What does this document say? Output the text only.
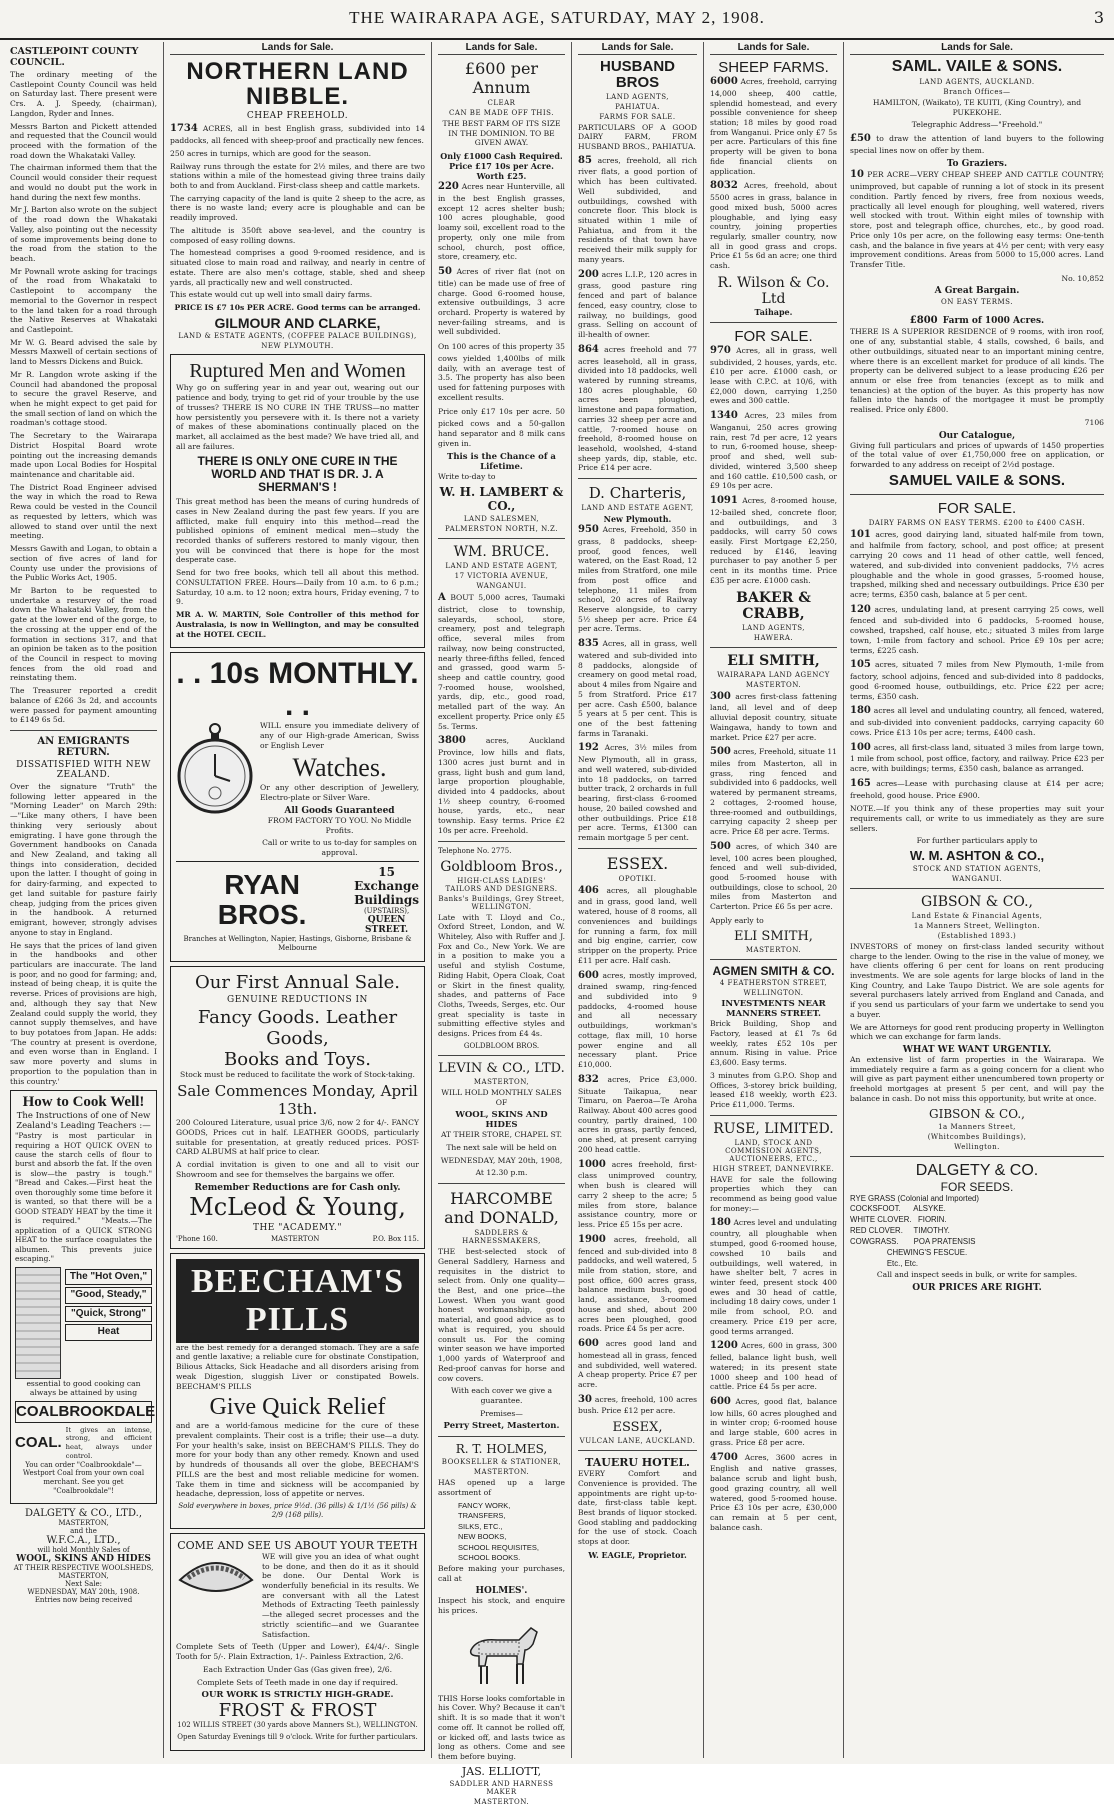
THE WAIRARAPA AGE, SATURDAY, MAY 2, 1908.	3
CASTLEPOINT COUNTY COUNCIL.
The ordinary meeting of the Castlepoint County Council was held on Saturday last. There present were Crs. A. J. Speedy, (chairman), Langdon, Ryder and Innes.
Messrs Barton and Pickett attended and requested that the Council would proceed with the formation of the road down the Whakataki Valley.
The chairman informed them that the Council would consider their request and would no doubt put the work in hand during the next few months.
Mr J. Barton also wrote on the subject of the road down the Whakataki Valley, also pointing out the necessity of some improvements being done to the road from the station to the beach.
Mr Pownall wrote asking for tracings of the road from Whakataki to Castlepoint to accompany the memorial to the Governor in respect to the land taken for a road through the Native Reserves at Whakataki and Castlepoint.
Mr W. G. Beard advised the sale by Messrs Maxwell of certain sections of land to Messrs Dickens and Buick.
Mr R. Langdon wrote asking if the Council had abandoned the proposal to secure the gravel Reserve, and when he might expect to get paid for the small section of land on which the roadman's cottage stood.
The Secretary to the Wairarapa District Hospital Board wrote pointing out the increasing demands made upon Local Bodies for Hospital maintenance and charitable aid.
The District Road Engineer advised the way in which the road to Rewa Rewa could be vested in the Council as requested by letters, which was allowed to stand over until the next meeting.
Messrs Gawith and Logan, to obtain a section of five acres of land for County use under the provisions of the Public Works Act, 1905.
Mr Barton to be requested to undertake a resurvey of the road down the Whakataki Valley, from the gate at the lower end of the gorge, to the crossing at the upper end of the formation in sections 317, and that an opinion be taken as to the position of the Council in respect to moving fences from the old road and reinstating them.
The Treasurer reported a credit balance of £266 3s 2d, and accounts were passed for payment amounting to £149 6s 5d.
AN EMIGRANTS RETURN.
DISSATISFIED WITH NEW ZEALAND.
Over the signature "Truth" the following letter appeared in the "Morning Leader" on March 29th:—"Like many others, I have been thinking very seriously about emigrating. I have gone through the Government handbooks on Canada and New Zealand, and taking all things into consideration, decided upon the latter. I thought of going in for dairy-farming, and expected to get land suitable for pasture fairly cheap, judging from the prices given in the handbook. A returned emigrant, however, strongly advises anyone to stay in England.
He says that the prices of land given in the handbooks and other particulars are inaccurate. The land is poor, and no good for farming; and, instead of being cheap, it is quite the reverse. Prices of provisions are high, and, although they say that New Zealand could supply the world, they cannot supply themselves, and have to buy potatoes from Japan. He adds: 'The country at present is overdone, and even worse than in England. I saw more poverty and slums in proportion to the population than in this country.'
How to Cook Well!
The Instructions of one of New Zealand's Leading Teachers :—
"Pastry is most particular in requiring a HOT QUICK OVEN to cause the starch cells of flour to burst and absorb the fat. If the oven is slow—the pastry is tough." "Bread and Cakes.—First heat the oven thoroughly some time before it is wanted, so that there will be a GOOD STEADY HEAT by the time it is required." "Meats.—The application of a QUICK STRONG HEAT to the surface coagulates the albumen. This prevents juice escaping."
The "Hot Oven,"
"Good, Steady,"
"Quick, Strong"
Heat
essential to good cooking can always be attained by using
COALBROOKDALE
COAL.
It gives an intense, strong, and efficient heat, always under control.
You can order "Coalbrookdale"—Westport Coal from your own coal merchant. See you get "Coalbrookdale"!
DALGETY & CO., LTD.,
MASTERTON,
and the
W.F.C.A., LTD.,
will hold Monthly Sales of
WOOL, SKINS AND HIDES
AT THEIR RESPECTIVE WOOLSHEDS, MASTERTON,
Next Sale:
WEDNESDAY, MAY 20th, 1908.
Entries now being received
Lands for Sale.
NORTHERN LAND NIBBLE.
CHEAP FREEHOLD.
1734 ACRES, all in best English grass, subdivided into 14 paddocks, all fenced with sheep-proof and practically new fences.
250 acres in turnips, which are good for the season.
Railway runs through the estate for 2½ miles, and there are two stations within a mile of the homestead giving three trains daily both to and from Auckland. First-class sheep and cattle markets.
The carrying capacity of the land is quite 2 sheep to the acre, as there is no waste land; every acre is ploughable and can be readily improved.
The altitude is 350ft above sea-level, and the country is composed of easy rolling downs.
The homestead comprises a good 9-roomed residence, and is situated close to main road and railway, and nearly in centre of estate. There are also men's cottage, stable, shed and sheep yards, all practically new and well constructed.
This estate would cut up well into small dairy farms.
PRICE IS £7 10s PER ACRE. Good terms can be arranged.
GILMOUR AND CLARKE,
LAND & ESTATE AGENTS, (COFFEE PALACE BUILDINGS),
NEW PLYMOUTH.
Ruptured Men and Women
Why go on suffering year in and year out, wearing out our patience and body, trying to get rid of your trouble by the use of trusses? THERE IS NO CURE IN THE TRUSS—no matter how persistently you persevere with it. Is there not a variety of makes of these abominations continually placed on the market, all acclaimed as the best made? We have tried all, and all are failures.
THERE IS ONLY ONE CURE IN THE WORLD AND THAT IS DR. J. A SHERMAN'S !
This great method has been the means of curing hundreds of cases in New Zealand during the past few years. If you are afflicted, make full enquiry into this method—read the published opinions of eminent medical men—study the recorded thanks of sufferers restored to manly vigour, then you will be convinced that there is hope for the most desperate case.
Send for two free books, which tell all about this method. CONSULTATION FREE. Hours—Daily from 10 a.m. to 6 p.m.; Saturday, 10 a.m. to 12 noon; extra hours, Friday evening, 7 to 9.
MR A. W. MARTIN, Sole Controller of this method for Australasia, is now in Wellington, and may be consulted at the HOTEL CECIL.
. . 10s MONTHLY. . .
WILL ensure you immediate delivery of any of our High-grade American, Swiss or English Lever
Watches.
Or any other description of Jewellery, Electro-plate or Silver Ware.
All Goods Guaranteed
FROM FACTORY TO YOU. No Middle Profits.
Call or write to us to-day for samples on approval.
RYAN BROS.
15 Exchange Buildings
(UPSTAIRS),
QUEEN STREET.
Branches at Wellington, Napier, Hastings, Gisborne, Brisbane & Melbourne
Our First Annual Sale.
GENUINE REDUCTIONS IN
Fancy Goods. Leather Goods,
Books and Toys.
Stock must be reduced to facilitate the work of Stock-taking.
Sale Commences Monday, April 13th.
200 Coloured Literature, usual price 3/6, now 2 for 4/-. FANCY GOODS, Prices cut in half. LEATHER GOODS, particularly suitable for presentation, at greatly reduced prices. POST-CARD ALBUMS at half price to clear.
A cordial invitation is given to one and all to visit our Showroom and see for themselves the bargains we offer.
Remember Reductions are for Cash only.
McLeod & Young,
THE "ACADEMY."
'Phone 160.	MASTERTON	P.O. Box 115.
BEECHAM'S PILLS
are the best remedy for a deranged stomach. They are a safe and gentle laxative; a reliable cure for obstinate Constipation, Bilious Attacks, Sick Headache and all disorders arising from weak Digestion, sluggish Liver or constipated Bowels. BEECHAM'S PILLS
Give Quick Relief
and are a world-famous medicine for the cure of these prevalent complaints. Their cost is a trifle; their use—a duty. For your health's sake, insist on BEECHAM'S PILLS. They do more for your body than any other remedy. Known and used by hundreds of thousands all over the globe, BEECHAM'S PILLS are the best and most reliable medicine for women. Take them in time and sickness will be accompanied by headache, depression, loss of appetite or nerves.
Sold everywhere in boxes, price 9½d. (36 pills) & 1/1½ (56 pills) & 2/9 (168 pills).
COME AND SEE US ABOUT YOUR TEETH
WE will give you an idea of what ought to be done, and then do it as it should be done. Our Dental Work is wonderfully beneficial in its results. We are conversant with all the Latest Methods of Extracting Teeth painlessly—the alleged secret processes and the strictly scientific—and we Guarantee Satisfaction.
Complete Sets of Teeth (Upper and Lower), £4/4/-. Single Tooth for 5/-. Plain Extraction, 1/-. Painless Extraction, 2/6.
Each Extraction Under Gas (Gas given free), 2/6.
Complete Sets of Teeth made in one day if required.
OUR WORK IS STRICTLY HIGH-GRADE.
FROST & FROST
102 WILLIS STREET (30 yards above Manners St.), WELLINGTON.
Open Saturday Evenings till 9 o'clock. Write for further particulars.
Lands for Sale.
£600 per Annum
CLEAR
CAN BE MADE OFF THIS.
THE BEST FARM OF ITS SIZE IN THE DOMINION. TO BE GIVEN AWAY.
Only £1000 Cash Required.
Price £17 10s per Acre. Worth £25.
220 Acres near Hunterville, all in the best English grasses, except 12 acres shelter bush; 100 acres ploughable, good loamy soil, excellent road to the property, only one mile from school, church, post office, store, creamery, etc.
50 Acres of river flat (not on title) can be made use of free of charge. Good 6-roomed house, extensive outbuildings, 3 acre orchard. Property is watered by never-failing streams, and is well subdivided.
On 100 acres of this property 35 cows yielded 1,400lbs of milk daily, with an average test of 3.5. The property has also been used for fattening purposes with excellent results.
Price only £17 10s per acre. 50 picked cows and a 50-gallon hand separator and 8 milk cans given in.
This is the Chance of a Lifetime.
Write to-day to
W. H. LAMBERT & CO.,
LAND SALESMEN,
PALMERSTON NORTH, N.Z.
WM. BRUCE.
LAND AND ESTATE AGENT,
17 VICTORIA AVENUE,
WANGANUI.
A BOUT 5,000 acres, Taumaki district, close to township, saleyards, school, store, creamery, post and telegraph office, several miles from railway, now being constructed, nearly three-fifths felled, fenced and grassed, good warm 5-sheep and cattle country, good 7-roomed house, woolshed, yards, dip, etc., good road, metalled part of the way. An excellent property. Price only £5 5s. Terms.
3800	acres, Auckland Province, low hills and flats, 1300 acres just burnt and in grass, light bush and gum land, large proportion ploughable, divided into 4 paddocks, about 1½ sheep country, 6-roomed house, yards, etc., near township. Easy terms. Price £2 10s per acre. Freehold.
Telephone No. 2775.
Goldbloom Bros.,
HIGH-CLASS LADIES' TAILORS AND DESIGNERS.
Banks's Buildings, Grey Street, WELLINGTON.
Late with T. Lloyd and Co., Oxford Street, London, and W. Whiteley, Also with Ruffer and J. Fox and Co., New York. We are in a position to make you a useful and stylish Costume, Riding Habit, Opera Cloak, Coat or Skirt in the finest quality, shades, and patterns of Face Cloths, Tweeds, Serges, etc. Our great speciality is taste in submitting effective styles and designs. Prices from £4 4s.
GOLDBLOOM BROS.
LEVIN & CO., LTD.
MASTERTON,
WILL HOLD MONTHLY SALES OF
WOOL, SKINS AND HIDES
AT THEIR STORE, CHAPEL ST.
The next sale will be held on
WEDNESDAY, MAY 20th, 1908,
At 12.30 p.m.
HARCOMBE
and DONALD,
SADDLERS & HARNESSMAKERS,
THE best-selected stock of General Saddlery, Harness and requisites in the district to select from. Only one quality—the Best, and one price—the Lowest. When you want good honest workmanship, good material, and good advice as to what is required, you should consult us. For the coming winter season we have imported 1,000 yards of Waterproof and Red-proof canvas for horse and cow covers.
With each cover we give a guarantee.
Premises—
Perry Street, Masterton.
R. T. HOLMES,
BOOKSELLER & STATIONER,
MASTERTON.
HAS opened up a large assortment of
FANCY WORK,
TRANSFERS,
SILKS, ETC.,
NEW BOOKS,
SCHOOL REQUISITES,
SCHOOL BOOKS.
Before making your purchases, call at
HOLMES'.
Inspect his stock, and enquire his prices.
THIS Horse looks comfortable in his Cover. Why? Because it can't shift. It is so made that it won't come off. It cannot be rolled off, or kicked off, and lasts twice as long as others. Come and see them before buying.
JAS. ELLIOTT,
SADDLER AND HARNESS MAKER
MASTERTON.
Lands for Sale.
HUSBAND BROS
LAND AGENTS,
PAHIATUA.
FARMS FOR SALE.
PARTICULARS OF A GOOD DAIRY FARM, FROM HUSBAND BROS., PAHIATUA.
85 acres, freehold, all rich river flats, a good portion of which has been cultivated. Well subdivided, and outbuildings, cowshed with concrete floor. This block is situated within 1 mile of Pahiatua, and from it the residents of that town have received their milk supply for many years.
200 acres L.I.P., 120 acres in grass, good pasture ring fenced and part of balance fenced, easy country, close to railway, no buildings, good grass. Selling on account of ill-health of owner.
864 acres freehold and 77 acres leasehold, all in grass, divided into 18 paddocks, well watered by running streams, 180 acres ploughable, 60 acres been ploughed, limestone and papa formation, carries 32 sheep per acre and cattle, 7-roomed house on freehold, 8-roomed house on leasehold, woolshed, 4-stand sheep yards, dip, stable, etc. Price £14 per acre.
D. Charteris,
LAND AND ESTATE AGENT,
New Plymouth.
950 Acres, Freehold, 350 in grass, 8 paddocks, sheep-proof, good fences, well watered, on the East Road, 12 miles from Stratford, one mile from post office and telephone, 11 miles from school, 20 acres of Railway Reserve alongside, to carry 5½ sheep per acre. Price £4 per acre. Terms.
835 Acres, all in grass, well watered and sub-divided into 8 paddocks, alongside of creamery on good metal road, about 4 miles from Ngaire and 5 from Stratford. Price £17 per acre. Cash £500, balance 5 years at 5 per cent. This is one of the best fattening farms in Taranaki.
192 Acres, 3½ miles from New Plymouth, all in grass, and well watered, sub-divided into 18 paddocks, on tarred butter track, 2 orchards in full bearing, first-class 6-roomed house, 20 bailed cowshed and other outbuildings. Price £18 per acre. Terms, £1300 can remain mortgage 5 per cent.
ESSEX.
OPOTIKI.
406 acres, all ploughable and in grass, good land, well watered, house of 8 rooms, all conveniences and buildings for running a farm, fox mill and big engine, carrier, cow stripper on the property. Price £11 per acre. Half cash.
600 acres, mostly improved, drained swamp, ring-fenced and subdivided into 9 paddocks, 4-roomed house and all necessary outbuildings, workman's cottage, flax mill, 10 horse power engine and all necessary plant. Price £10,000.
832 acres, Price £3,000. Situate Taikapua, near Timaru, on Paeroa—Te Aroha Railway. About 400 acres good country, partly drained, 100 acres in grass, partly fenced, one shed, at present carrying 200 head cattle.
1000 acres freehold, first-class unimproved country, when bush is cleared will carry 2 sheep to the acre; 5 miles from store, balance assistance country, more or less. Price £5 15s per acre.
1900 acres, freehold, all fenced and sub-divided into 8 paddocks, and well watered, 5 mile from station, store, and post office, 600 acres grass, balance medium bush, good land, assistance, 3-roomed house and shed, about 200 acres been ploughed, good roads. Price £4 5s per acre.
600 acres good land and homestead all in grass, fenced and subdivided, well watered. A cheap property. Price £7 per acre.
30 acres, freehold, 100 acres bush. Price £12 per acre.
ESSEX,
VULCAN LANE, AUCKLAND.
TAUERU HOTEL.
EVERY Comfort and Convenience is provided. The appointments are right up-to-date, first-class table kept. Best brands of liquor stocked. Good stabling and paddocking for the use of stock. Coach stops at door.
W. EAGLE, Proprietor.
Lands for Sale.
SHEEP FARMS.
6000 Acres, freehold, carrying 14,000 sheep, 400 cattle, splendid homestead, and every possible convenience for sheep station; 18 miles by good road from Wanganui. Price only £7 5s per acre. Particulars of this fine property will be given to bona fide financial clients on application.
8032 Acres, freehold, about 5500 acres in grass, balance in good mixed bush, 5000 acres ploughable, and lying easy country, joining properties regularly, smaller country, now all in good grass and crops. Price £1 5s 6d an acre; one third cash.
R. Wilson & Co. Ltd
Taihape.
FOR SALE.
970 Acres, all in grass, well subdivided, 2 houses, yards, etc. £10 per acre. £1000 cash, or lease with C.P.C. at 10/6, with £2,000 down, carrying 1,250 ewes and 300 cattle.
1340 Acres, 23 miles from Wanganui, 250 acres growing rain, rest 7d per acre, 12 years to run, 6-roomed house, sheep-proof and shed, well sub-divided, wintered 3,500 sheep and 160 cattle. £10,500 cash, or £9 10s per acre.
1091 Acres, 8-roomed house, 12-bailed shed, concrete floor, and outbuildings, and 3 paddocks, will carry 50 cows easily. First Mortgage £2,250, reduced by £146, leaving purchaser to pay another 5 per cent in its months time. Price £35 per acre. £1000 cash.
BAKER & CRABB,
LAND AGENTS,
HAWERA.
ELI SMITH,
WAIRARAPA LAND AGENCY
MASTERTON.
300 acres first-class fattening land, all level and of deep alluvial deposit country, situate Waingawa, handy to town and market. Price £27 per acre.
500 acres, Freehold, situate 11 miles from Masterton, all in grass, ring fenced and subdivided into 6 paddocks, well watered by permanent streams, 2 cottages, 2-roomed house, three-roomed and outbuildings, carrying capacity 2 sheep per acre. Price £8 per acre. Terms.
500 acres, of which 340 are level, 100 acres been ploughed, fenced and well sub-divided, good 5-roomed house with outbuildings, close to school, 20 miles from Masterton and Carterton. Price £6 5s per acre.
Apply early to
ELI SMITH,
MASTERTON.
AGMEN SMITH & CO.
4 FEATHERSTON STREET,
WELLINGTON.
INVESTMENTS NEAR MANNERS STREET.
Brick Building, Shop and Factory, leased at £1 7s 6d weekly, rates £52 10s per annum. Rising in value. Price £3,600. Easy terms.
3 minutes from G.P.O. Shop and Offices, 3-storey brick building, leased £18 weekly, worth £23. Price £11,000. Terms.
RUSE, LIMITED.
LAND, STOCK AND COMMISSION AGENTS, AUCTIONEERS, ETC.,
HIGH STREET, DANNEVIRKE.
HAVE for sale the following properties which they can recommend as being good value for money:—
180 Acres level and undulating country, all ploughable when stumped, good 6-roomed house, cowshed 10 bails and outbuildings, well watered, in hawe shelter belt, 7 acres in winter feed, present stock 400 ewes and 30 head of cattle, including 18 dairy cows, under 1 mile from school, P.O. and creamery. Price £19 per acre, good terms arranged.
1200 Acres, 600 in grass, 300 felled, balance light bush, well watered; in its present state 1000 sheep and 100 head of cattle. Price £4 5s per acre.
600 Acres, good flat, balance low hills, 60 acres ploughed and in winter crop; 6-roomed house and large stable, 600 acres in grass. Price £8 per acre.
4700 Acres, 3600 acres in English and native grasses, balance scrub and light bush, good grazing country, all well watered, good 5-roomed house. Price £3 10s per acre, £30,000 can remain at 5 per cent, balance cash.
Lands for Sale.
SAML. VAILE & SONS.
LAND AGENTS, AUCKLAND.
Branch Offices—
HAMILTON, (Waikato), TE KUITI, (King Country), and PUKEKOHE.
Telegraphic Address—"Freehold."
£50 to draw the attention of land buyers to the following special lines now on offer by them.
To Graziers.
10 PER ACRE—VERY CHEAP SHEEP AND CATTLE COUNTRY; unimproved, but capable of running a lot of stock in its present condition. Partly fenced by rivers, free from noxious weeds, practically all level enough for ploughing, well watered, rivers well stocked with trout. Within eight miles of township with store, post and telegraph office, churches, etc., by good road. Price only 10s per acre, on the following easy terms: One-tenth cash, and the balance in five years at 4½ per cent; with very easy improvement conditions. Areas from 5000 to 15,000 acres. Land Transfer Title.
No. 10,852
A Great Bargain.
ON EASY TERMS.
£800 Farm of 1000 Acres.
THERE IS A SUPERIOR RESIDENCE of 9 rooms, with iron roof, one of any, substantial stable, 4 stalls, cowshed, 6 bails, and other outbuildings, situated near to an important mining centre, where there is an excellent market for produce of all kinds. The property can be delivered subject to a lease producing £26 per annum or else free from tenancies (except as to milk and tenancies) at the option of the buyer. As this property has now fallen into the hands of the mortgagee it must be promptly realised. Price only £800.
7106
Our Catalogue,
Giving full particulars and prices of upwards of 1450 properties of the total value of over £1,750,000 free on application, or forwarded to any address on receipt of 2½d postage.
SAMUEL VAILE & SONS.
FOR SALE.
DAIRY FARMS ON EASY TERMS. £200 to £400 CASH.
101 acres, good dairying land, situated half-mile from town, and halfmile from factory, school, and post office; at present carrying 20 cows and 11 head of other cattle, well fenced, watered, and sub-divided into convenient paddocks, 7½ acres ploughable and the whole in good grasses, 5-roomed house, trapshed, milking shed and necessary outbuildings. Price £30 per acre; terms, £350 cash, balance at 5 per cent.
120 acres, undulating land, at present carrying 25 cows, well fenced and sub-divided into 6 paddocks, 5-roomed house, cowshed, trapshed, calf house, etc.; situated 3 miles from large town, 1-mile from factory and school. Price £9 10s per acre; terms, £225 cash.
105 acres, situated 7 miles from New Plymouth, 1-mile from factory, school adjoins, fenced and sub-divided into 8 paddocks, good 6-roomed house, outbuildings, etc. Price £22 per acre; terms, £350 cash.
180 acres all level and undulating country, all fenced, watered, and sub-divided into convenient paddocks, carrying capacity 60 cows. Price £13 10s per acre; terms, £400 cash.
100 acres, all first-class land, situated 3 miles from large town, 1 mile from school, post office, factory, and railway. Price £23 per acre, with buildings; terms, £350 cash, balance as arranged.
165 acres—Lease with purchasing clause at £14 per acre; freehold, good house. Price £900.
NOTE.—If you think any of these properties may suit your requirements call, or write to us immediately as they are sure sellers.
For further particulars apply to
W. M. ASHTON & CO.,
STOCK AND STATION AGENTS,
WANGANUI.
GIBSON & CO.,
Land Estate & Financial Agents,
1a Manners Street, Wellington.
(Established 1893.)
INVESTORS of money on first-class landed security without charge to the lender. Owing to the rise in the value of money, we have clients offering 6 per cent for loans on rent producing investments. We are sole agents for large blocks of land in the King Country, and Lake Taupo District. We are sole agents for several purchasers lately arrived from England and Canada, and if you send us particulars of your farm we undertake to send you a buyer.
We are Attorneys for good rent producing property in Wellington which we can exchange for farm lands.
WHAT WE WANT URGENTLY.
An extensive list of farm properties in the Wairarapa. We immediately require a farm as a going concern for a client who will give as part payment either unencumbered town property or freehold mortgages at present 5 per cent, and will pay the balance in cash. Do not miss this opportunity, but write at once.
GIBSON & CO.,
1a Manners Street,
(Whitcombes Buildings),
Wellington.
DALGETY & CO.
FOR SEEDS.
RYE GRASS (Colonial and Imported)
COCKSFOOT.      ALSYKE.
WHITE CLOVER.   FIORIN.
RED CLOVER.     TIMOTHY.
COWGRASS.       POA PRATENSIS
CHEWING'S FESCUE.
Etc., Etc.
Call and inspect seeds in bulk, or write for samples.
OUR PRICES ARE RIGHT.
